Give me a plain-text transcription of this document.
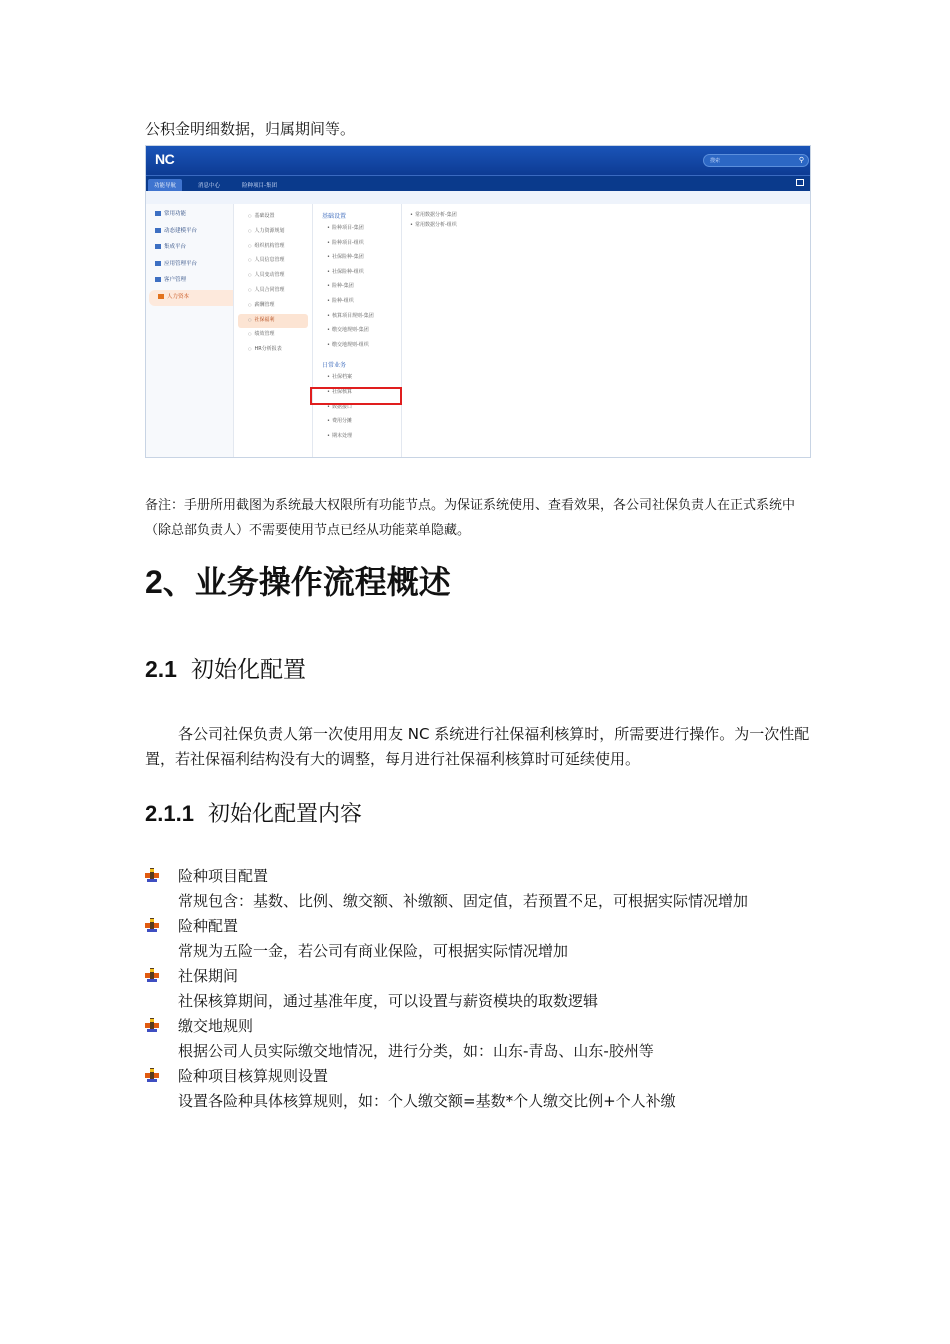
公积金明细数据，归属期间等。
NC	搜索	⚲
功能导航	消息中心	险种项目-集团
常用功能
动态建模平台
集成平台
应用管理平台
客户管理
人力资本
○ 基础设置
○ 人力资源规划
○ 组织机构管理
○ 人员信息管理
○ 人员变动管理
○ 人员合同管理
○ 薪酬管理
○ 社保福利
○ 绩效管理
○ HR分析报表
基础设置
• 险种项目-集团
• 险种项目-组织
• 社保险种-集团
• 社保险种-组织
• 险种-集团
• 险种-组织
• 核算项目规则-集团
• 缴交地规则-集团
• 缴交地规则-组织
日常业务
• 社保档案
• 社保核算
• 数据接口
• 费用分摊
• 期末处理
• 常用数据分析-集团
• 常用数据分析-组织
备注：手册所用截图为系统最大权限所有功能节点。为保证系统使用、查看效果，各公司社保负责人在正式系统中（除总部负责人）不需要使用节点已经从功能菜单隐藏。
2、业务操作流程概述
2.1 初始化配置
各公司社保负责人第一次使用用友 NC 系统进行社保福利核算时，所需要进行操作。为一次性配置，若社保福利结构没有大的调整，每月进行社保福利核算时可延续使用。
2.1.1 初始化配置内容
险种项目配置
常规包含：基数、比例、缴交额、补缴额、固定值，若预置不足，可根据实际情况增加
险种配置
常规为五险一金，若公司有商业保险，可根据实际情况增加
社保期间
社保核算期间，通过基准年度，可以设置与薪资模块的取数逻辑
缴交地规则
根据公司人员实际缴交地情况，进行分类，如：山东-青岛、山东-胶州等
险种项目核算规则设置
设置各险种具体核算规则，如：个人缴交额=基数*个人缴交比例+个人补缴
